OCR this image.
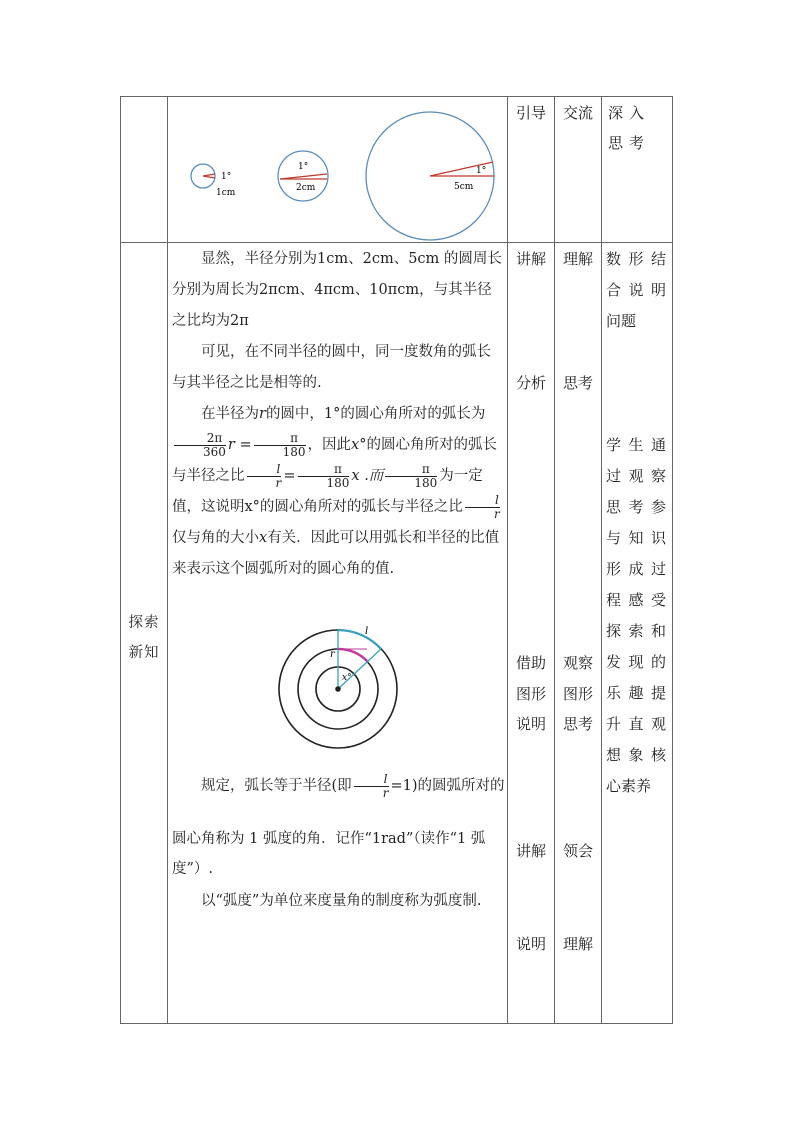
引导 交流 深入思考
1°
1cm
1°
2cm
1°
5cm
探索新知
显然，半径分别为1cm、2cm、5cm 的圆周长分别为周长为2πcm、4πcm、10πcm，与其半径之比均为2π
可见，在不同半径的圆中，同一度数角的弧长与其半径之比是相等的.
在半径为r的圆中，1°的圆心角所对的弧长为
$\frac{2\pi}{360}$ $r = \frac{\pi}{180}$ ，因此x°的圆心角所对的弧长与半径之比 $\frac{l}{r} = \frac{\pi}{180}$ x .而 $\frac{\pi}{180}$ 为一定值，这说明x°的圆心角所对的弧长与半径之比 $\frac{l}{r}$
仅与角的大小x有关．因此可以用弧长和半径的比值来表示这个圆弧所对的圆心角的值.
l
r
x°
规定，弧长等于半径(即 $\frac{l}{r} =1$)的圆弧所对的
圆心角称为 1 弧度的角．记作“1rad”（读作“1 弧度”）.
以“弧度”为单位来度量角的制度称为弧度制.
讲解
分析
借助
图形
说明
讲解
说明
理解
思考
观察
图形
思考
领会
理解
数形结
合说明
问题
学生通
过观察
思考参
与知识
形成过
程感受
探索和
发现的
乐趣提
升直观
想象核
心素养
